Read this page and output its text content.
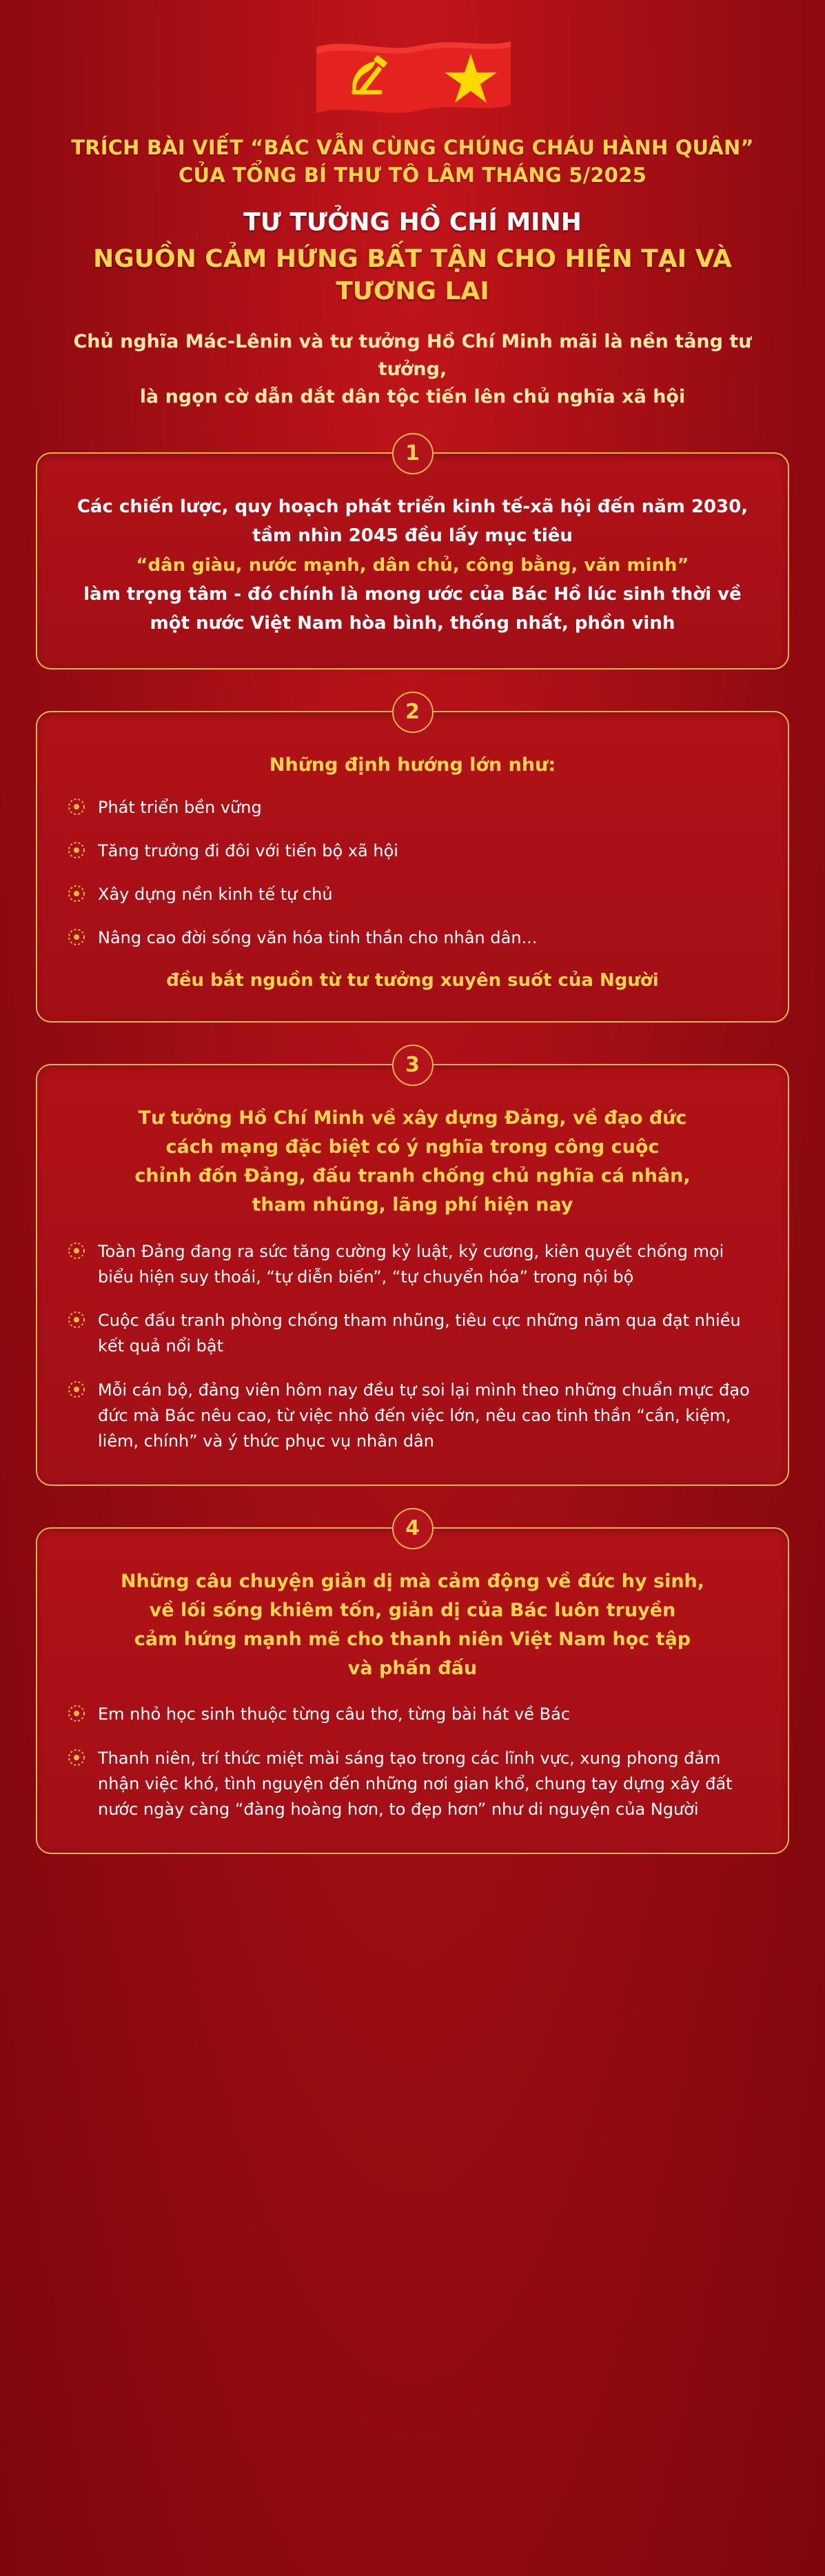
TRÍCH BÀI VIẾT “BÁC VẪN CÙNG CHÚNG CHÁU HÀNH QUÂN”
CỦA TỔNG BÍ THƯ TÔ LÂM THÁNG 5/2025
TƯ TƯỞNG HỒ CHÍ MINH
NGUỒN CẢM HỨNG BẤT TẬN CHO HIỆN TẠI VÀ TƯƠNG LAI
Chủ nghĩa Mác-Lênin và tư tưởng Hồ Chí Minh mãi là nền tảng tư tưởng,
là ngọn cờ dẫn dắt dân tộc tiến lên chủ nghĩa xã hội
1
Các chiến lược, quy hoạch phát triển kinh tế-xã hội đến năm 2030,
tầm nhìn 2045 đều lấy mục tiêu
“dân giàu, nước mạnh, dân chủ, công bằng, văn minh”
làm trọng tâm - đó chính là mong ước của Bác Hồ lúc sinh thời về
một nước Việt Nam hòa bình, thống nhất, phồn vinh
2
Những định hướng lớn như:
Phát triển bền vững
Tăng trưởng đi đôi với tiến bộ xã hội
Xây dựng nền kinh tế tự chủ
Nâng cao đời sống văn hóa tinh thần cho nhân dân...
đều bắt nguồn từ tư tưởng xuyên suốt của Người
3
Tư tưởng Hồ Chí Minh về xây dựng Đảng, về đạo đức
cách mạng đặc biệt có ý nghĩa trong công cuộc
chỉnh đốn Đảng, đấu tranh chống chủ nghĩa cá nhân,
tham nhũng, lãng phí hiện nay
Toàn Đảng đang ra sức tăng cường kỷ luật, kỷ cương, kiên quyết chống mọi biểu hiện suy thoái, “tự diễn biến”, “tự chuyển hóa” trong nội bộ
Cuộc đấu tranh phòng chống tham nhũng, tiêu cực những năm qua đạt nhiều kết quả nổi bật
Mỗi cán bộ, đảng viên hôm nay đều tự soi lại mình theo những chuẩn mực đạo đức mà Bác nêu cao, từ việc nhỏ đến việc lớn, nêu cao tinh thần “cần, kiệm, liêm, chính” và ý thức phục vụ nhân dân
4
Những câu chuyện giản dị mà cảm động về đức hy sinh,
về lối sống khiêm tốn, giản dị của Bác luôn truyền
cảm hứng mạnh mẽ cho thanh niên Việt Nam học tập
và phấn đấu
Em nhỏ học sinh thuộc từng câu thơ, từng bài hát về Bác
Thanh niên, trí thức miệt mài sáng tạo trong các lĩnh vực, xung phong đảm nhận việc khó, tình nguyện đến những nơi gian khổ, chung tay dựng xây đất nước ngày càng “đàng hoàng hơn, to đẹp hơn” như di nguyện của Người
